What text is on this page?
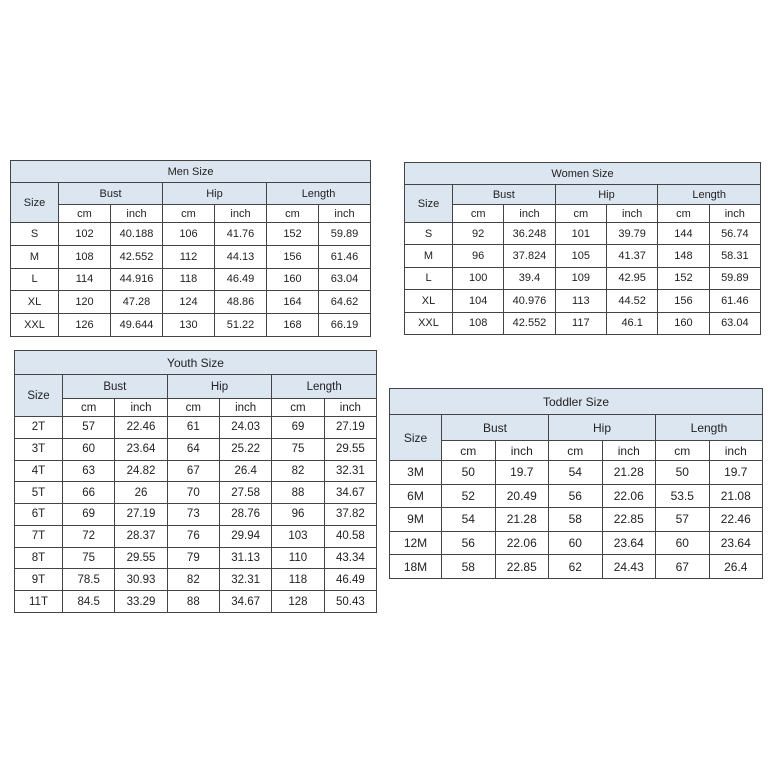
Men Size						
Size	Bust		Hip		Length	
	cm	inch	cm	inch	cm	inch
S	102	40.188	106	41.76	152	59.89
M	108	42.552	112	44.13	156	61.46
L	114	44.916	118	46.49	160	63.04
XL	120	47.28	124	48.86	164	64.62
XXL	126	49.644	130	51.22	168	66.19
Women Size						
Size	Bust		Hip		Length	
	cm	inch	cm	inch	cm	inch
S	92	36.248	101	39.79	144	56.74
M	96	37.824	105	41.37	148	58.31
L	100	39.4	109	42.95	152	59.89
XL	104	40.976	113	44.52	156	61.46
XXL	108	42.552	117	46.1	160	63.04
Youth Size						
Size	Bust		Hip		Length	
	cm	inch	cm	inch	cm	inch
2T	57	22.46	61	24.03	69	27.19
3T	60	23.64	64	25.22	75	29.55
4T	63	24.82	67	26.4	82	32.31
5T	66	26	70	27.58	88	34.67
6T	69	27.19	73	28.76	96	37.82
7T	72	28.37	76	29.94	103	40.58
8T	75	29.55	79	31.13	110	43.34
9T	78.5	30.93	82	32.31	118	46.49
11T	84.5	33.29	88	34.67	128	50.43
Toddler Size						
Size	Bust		Hip		Length	
	cm	inch	cm	inch	cm	inch
3M	50	19.7	54	21.28	50	19.7
6M	52	20.49	56	22.06	53.5	21.08
9M	54	21.28	58	22.85	57	22.46
12M	56	22.06	60	23.64	60	23.64
18M	58	22.85	62	24.43	67	26.4
